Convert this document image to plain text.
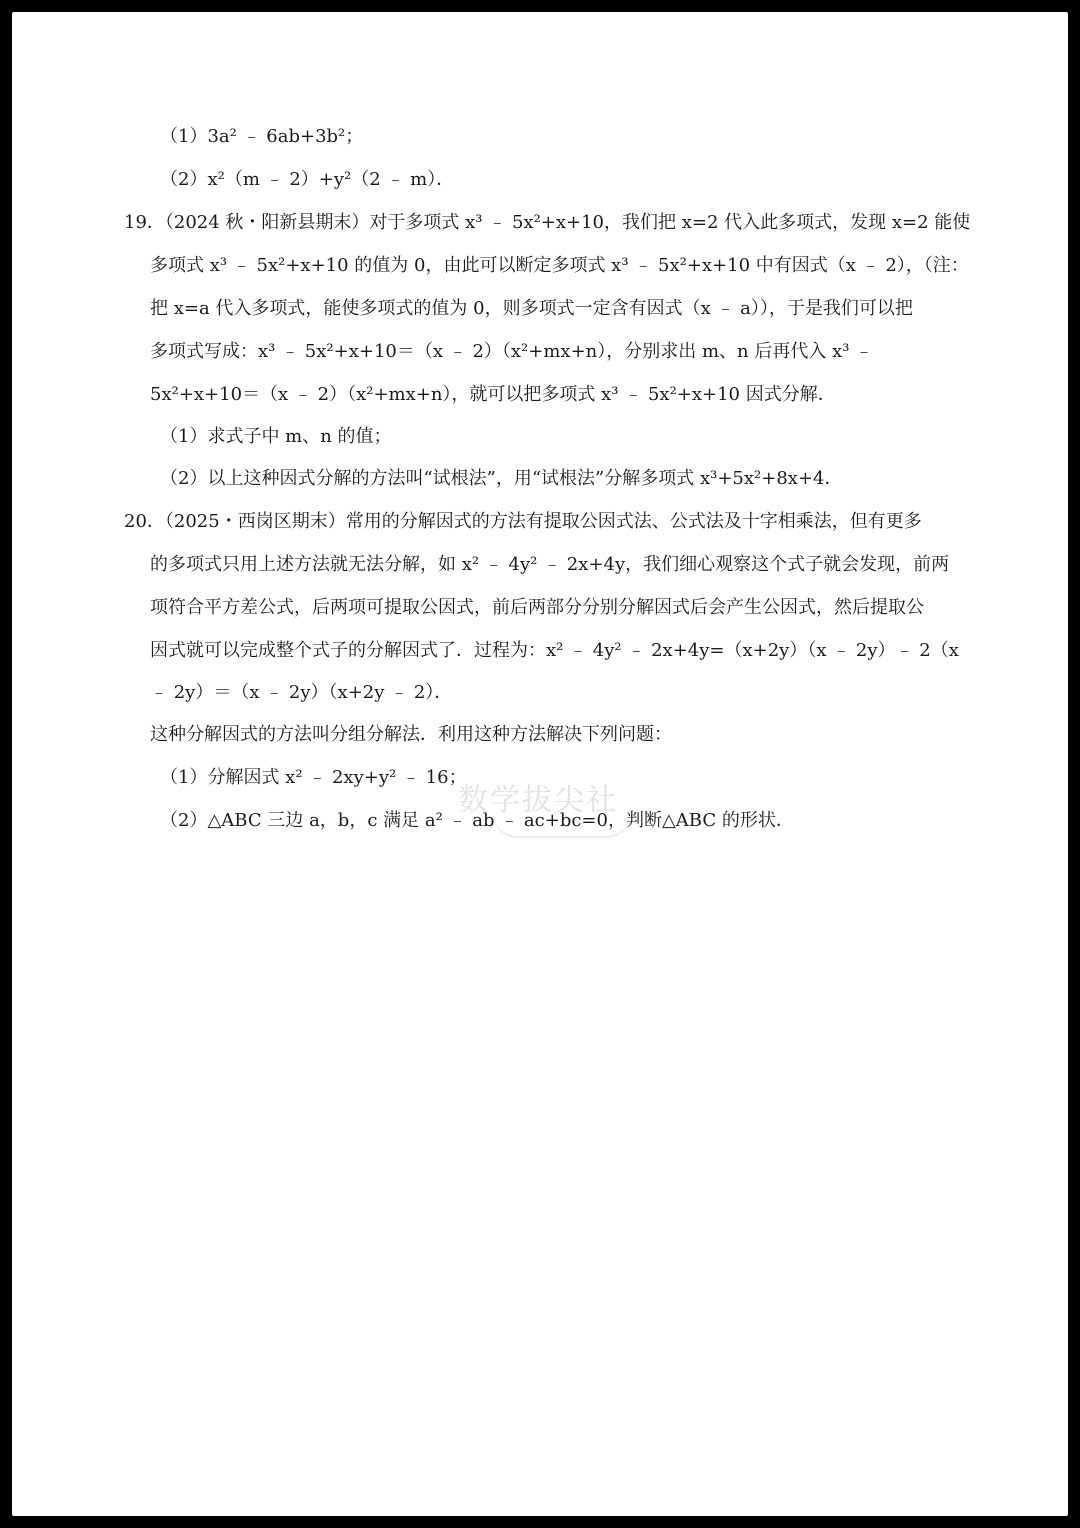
（1）3a² ﹣ 6ab+3b²；
（2）x²（m ﹣ 2）+y²（2 ﹣ m）．
19．（2024 秋・阳新县期末）对于多项式 x³ ﹣ 5x²+x+10，我们把 x=2 代入此多项式，发现 x=2 能使
多项式 x³ ﹣ 5x²+x+10 的值为 0，由此可以断定多项式 x³ ﹣ 5x²+x+10 中有因式（x ﹣ 2），（注：
把 x=a 代入多项式，能使多项式的值为 0，则多项式一定含有因式（x ﹣ a）），于是我们可以把
多项式写成：x³ ﹣ 5x²+x+10＝（x ﹣ 2）（x²+mx+n），分别求出 m、n 后再代入 x³ ﹣
5x²+x+10＝（x ﹣ 2）（x²+mx+n），就可以把多项式 x³ ﹣ 5x²+x+10 因式分解．
（1）求式子中 m、n 的值；
（2）以上这种因式分解的方法叫“试根法”，用“试根法”分解多项式 x³+5x²+8x+4．
20．（2025・西岗区期末）常用的分解因式的方法有提取公因式法、公式法及十字相乘法，但有更多
的多项式只用上述方法就无法分解，如 x² ﹣ 4y² ﹣ 2x+4y，我们细心观察这个式子就会发现，前两
项符合平方差公式，后两项可提取公因式，前后两部分分别分解因式后会产生公因式，然后提取公
因式就可以完成整个式子的分解因式了．过程为：x² ﹣ 4y² ﹣ 2x+4y=（x+2y）（x ﹣ 2y）﹣ 2（x
﹣ 2y）＝（x ﹣ 2y）（x+2y ﹣ 2）．
这种分解因式的方法叫分组分解法．利用这种方法解决下列问题：
（1）分解因式 x² ﹣ 2xy+y² ﹣ 16；
（2）△ABC 三边 a，b，c 满足 a² ﹣ ab ﹣ ac+bc=0，判断△ABC 的形状．
数学拔尖社
